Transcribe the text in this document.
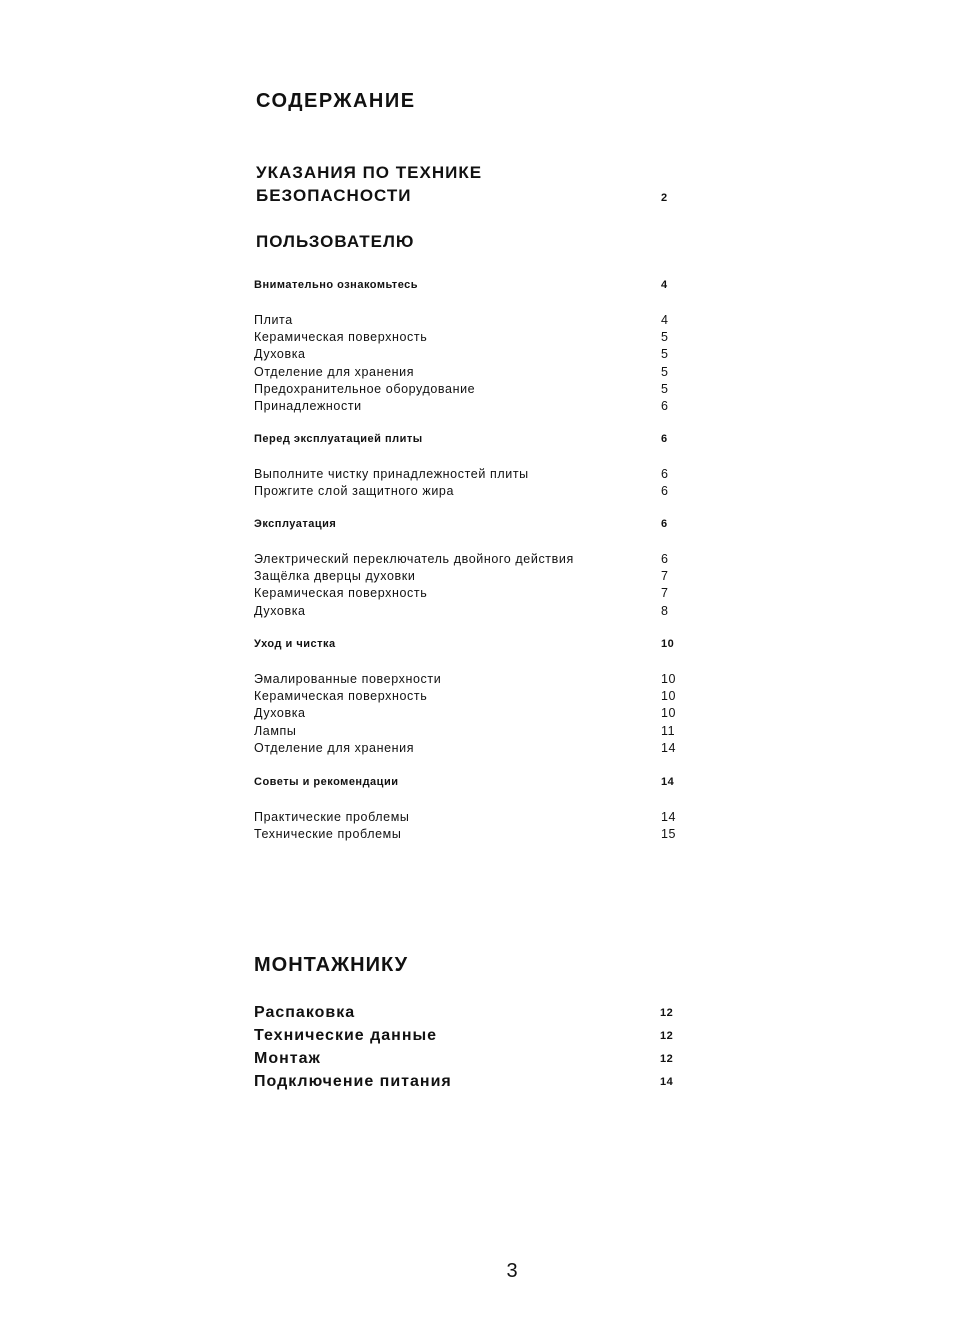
СОДЕРЖАНИЕ
УКАЗАНИЯ ПО ТЕХНИКЕ
БЕЗОПАСНОСТИ	2
ПОЛЬЗОВАТЕЛЮ
Внимательно ознакомьтесь	4
Плита	4
Керамическая поверхность	5
Духовка	5
Отделение для хранения	5
Предохранительное оборудование	5
Принадлежности	6
Перед эксплуатацией плиты	6
Выполните чистку принадлежностей плиты	6
Прожгите слой защитного жира	6
Эксплуатация	6
Электрический переключатель двойного действия	6
Защёлка дверцы духовки	7
Керамическая поверхность	7
Духовка	8
Уход и чистка	10
Эмалированные поверхности	10
Керамическая поверхность	10
Духовка	10
Лампы	11
Отделение для хранения	14
Советы и рекомендации	14
Практические проблемы	14
Технические проблемы	15
МОНТАЖНИКУ
Распаковка	12
Технические данные	12
Монтаж	12
Подключение питания	14
3
